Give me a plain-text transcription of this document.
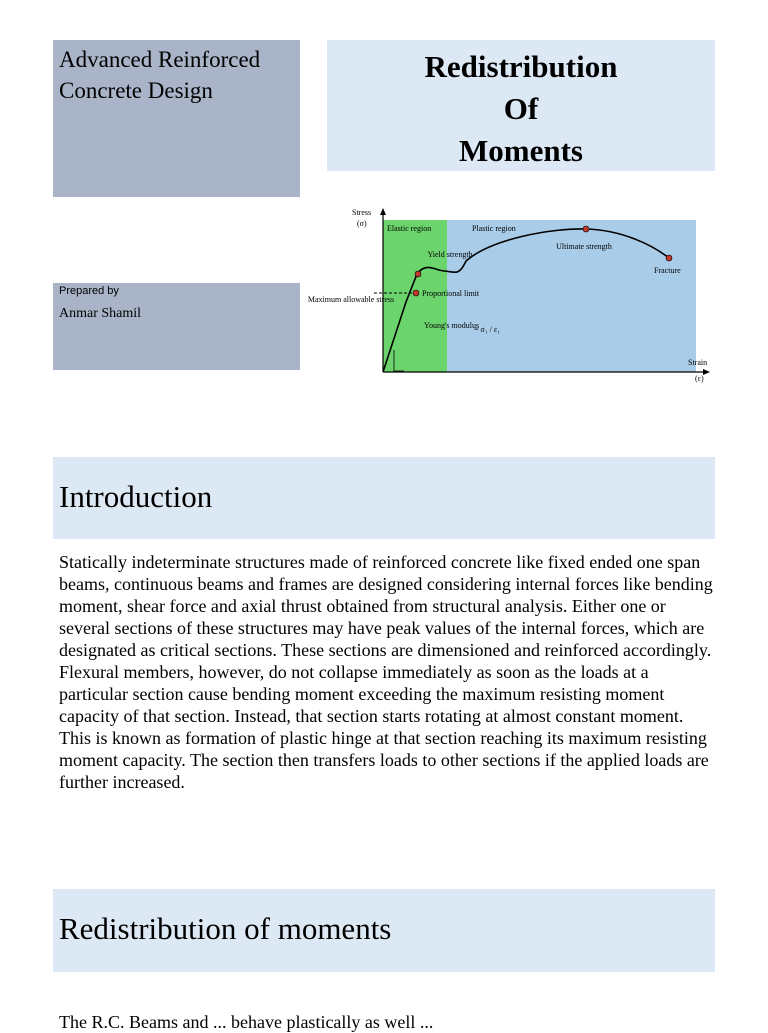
Advanced Reinforced Concrete Design
Redistribution
Of
Moments
Prepared by
Anmar Shamil
Stress
(σ)
Elastic region	Plastic region
Yield strength
Ultimate strength
Fracture
Maximum allowable stress
Proportional limit
Young's modulus
= σ₁ / ε₁
Strain
(ε)
Introduction
Statically indeterminate structures made of reinforced concrete like fixed ended one span beams, continuous beams and frames are designed considering internal forces like bending moment, shear force and axial thrust obtained from structural analysis. Either one or several sections of these structures may have peak values of the internal forces, which are designated as critical sections. These sections are dimensioned and reinforced accordingly. Flexural members, however, do not collapse immediately as soon as the loads at a particular section cause bending moment exceeding the maximum resisting moment capacity of that section. Instead, that section starts rotating at almost constant moment. This is known as formation of plastic hinge at that section reaching its maximum resisting moment capacity. The section then transfers loads to other sections if the applied loads are further increased.
Redistribution of moments
The R.C. Beams and ... behave plastically as well ...
